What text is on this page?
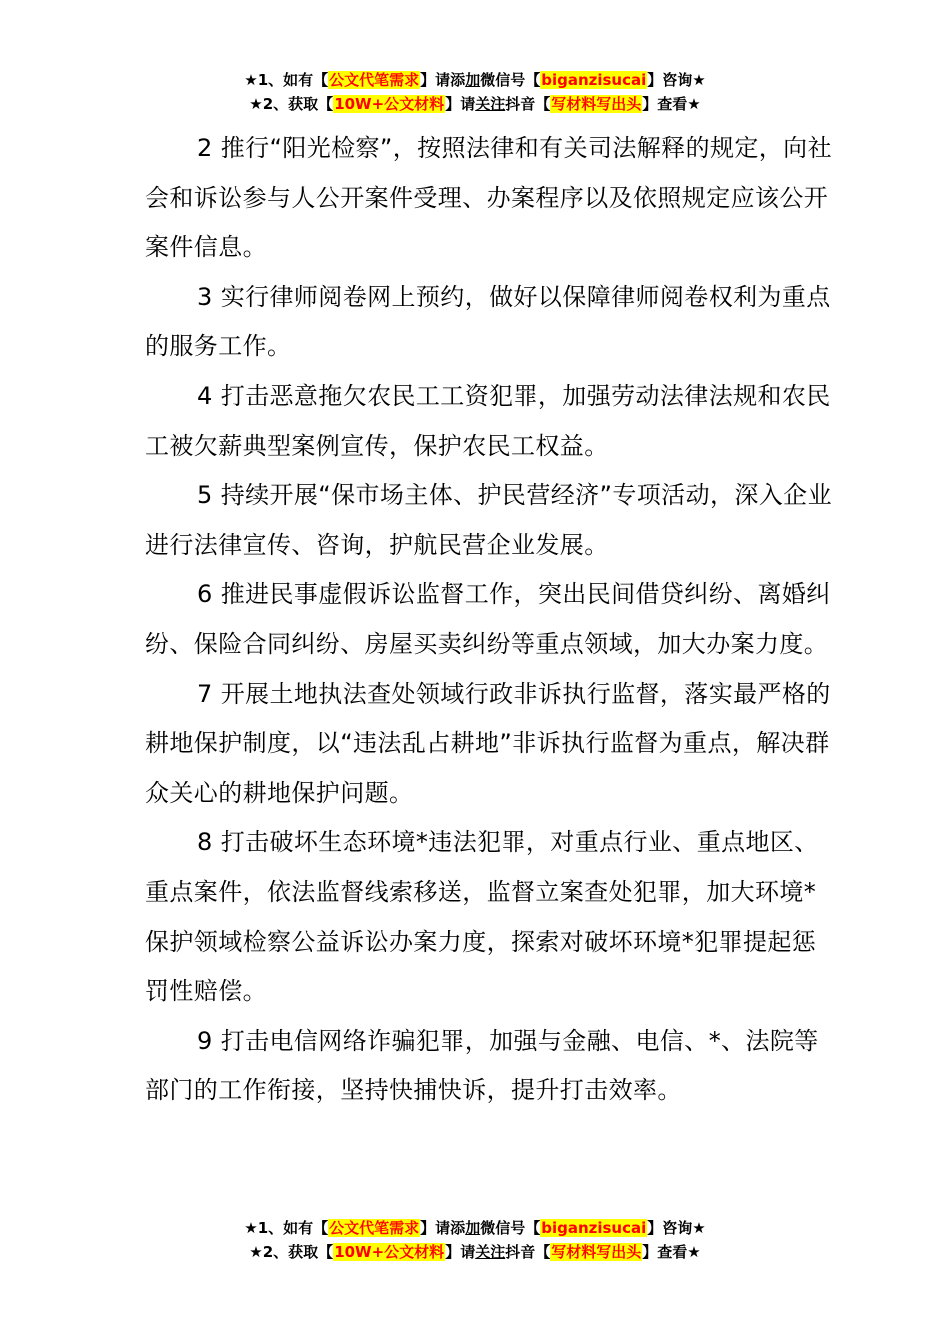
★1、如有【公文代笔需求】请添加微信号【biganzisucai】咨询★
★2、获取【10W+公文材料】请关注抖音【写材料写出头】查看★

2 推行“阳光检察”，按照法律和有关司法解释的规定，向社会和诉讼参与人公开案件受理、办案程序以及依照规定应该公开案件信息。

3 实行律师阅卷网上预约，做好以保障律师阅卷权利为重点的服务工作。

4 打击恶意拖欠农民工工资犯罪，加强劳动法律法规和农民工被欠薪典型案例宣传，保护农民工权益。

5 持续开展“保市场主体、护民营经济”专项活动，深入企业进行法律宣传、咨询，护航民营企业发展。

6 推进民事虚假诉讼监督工作，突出民间借贷纠纷、离婚纠纷、保险合同纠纷、房屋买卖纠纷等重点领域，加大办案力度。

7 开展土地执法查处领域行政非诉执行监督，落实最严格的耕地保护制度，以“违法乱占耕地”非诉执行监督为重点，解决群众关心的耕地保护问题。

8 打击破坏生态环境*违法犯罪，对重点行业、重点地区、重点案件，依法监督线索移送，监督立案查处犯罪，加大环境*保护领域检察公益诉讼办案力度，探索对破坏环境*犯罪提起惩罚性赔偿。

9 打击电信网络诈骗犯罪，加强与金融、电信、*、法院等部门的工作衔接，坚持快捕快诉，提升打击效率。

★1、如有【公文代笔需求】请添加微信号【biganzisucai】咨询★
★2、获取【10W+公文材料】请关注抖音【写材料写出头】查看★
